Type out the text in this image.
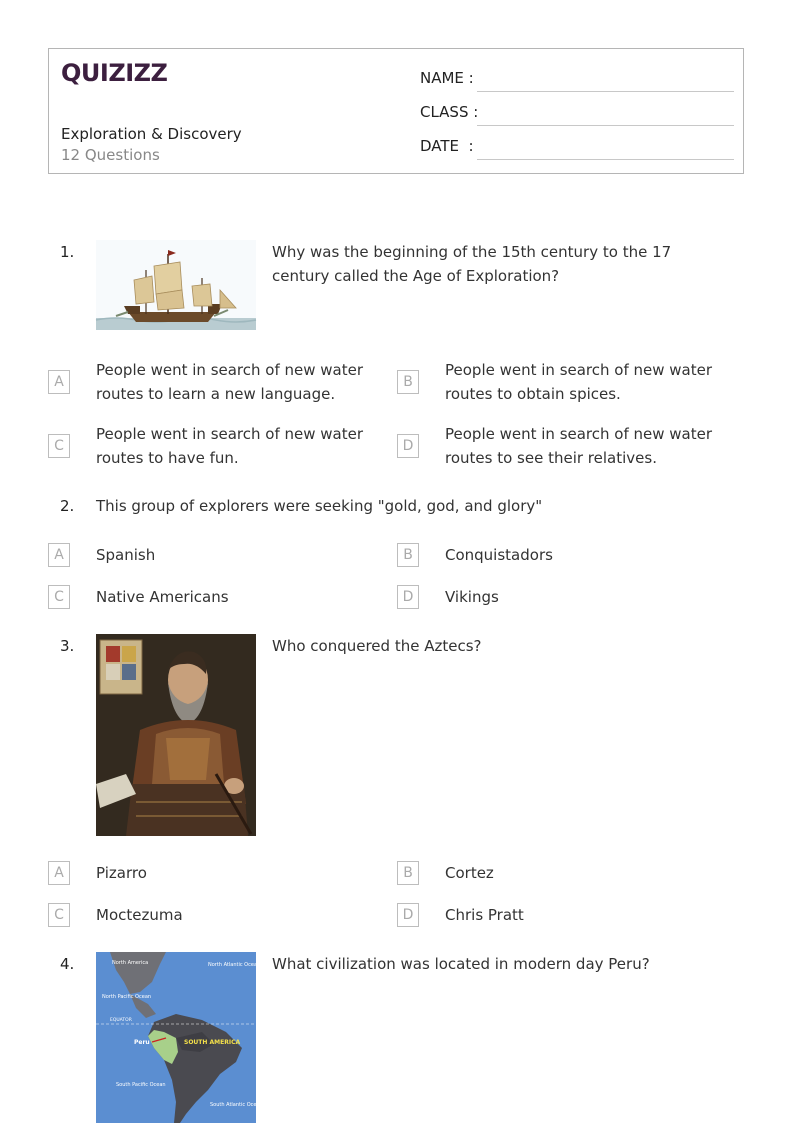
QUIZIZZ
Exploration & Discovery
12 Questions
NAME :
CLASS :
DATE  :
1.	Why was the beginning of the 15th century to the 17 century called the Age of Exploration?
A
People went in search of new water routes to learn a new language.
B
People went in search of new water routes to obtain spices.
C
People went in search of new water routes to have fun.
D
People went in search of new water routes to see their relatives.
2. This group of explorers were seeking "gold, god, and glory"
A	Spanish	B	Conquistadors
C	Native Americans	D	Vikings
3.	Who conquered the Aztecs?
A	Pizarro	B	Cortez
C	Moctezuma	D	Chris Pratt
4.	North America	North Atlantic Ocean
North Pacific Ocean
EQUATOR
Peru	SOUTH AMERICA
South Pacific Ocean
South Atlantic Ocean
What civilization was located in modern day Peru?
